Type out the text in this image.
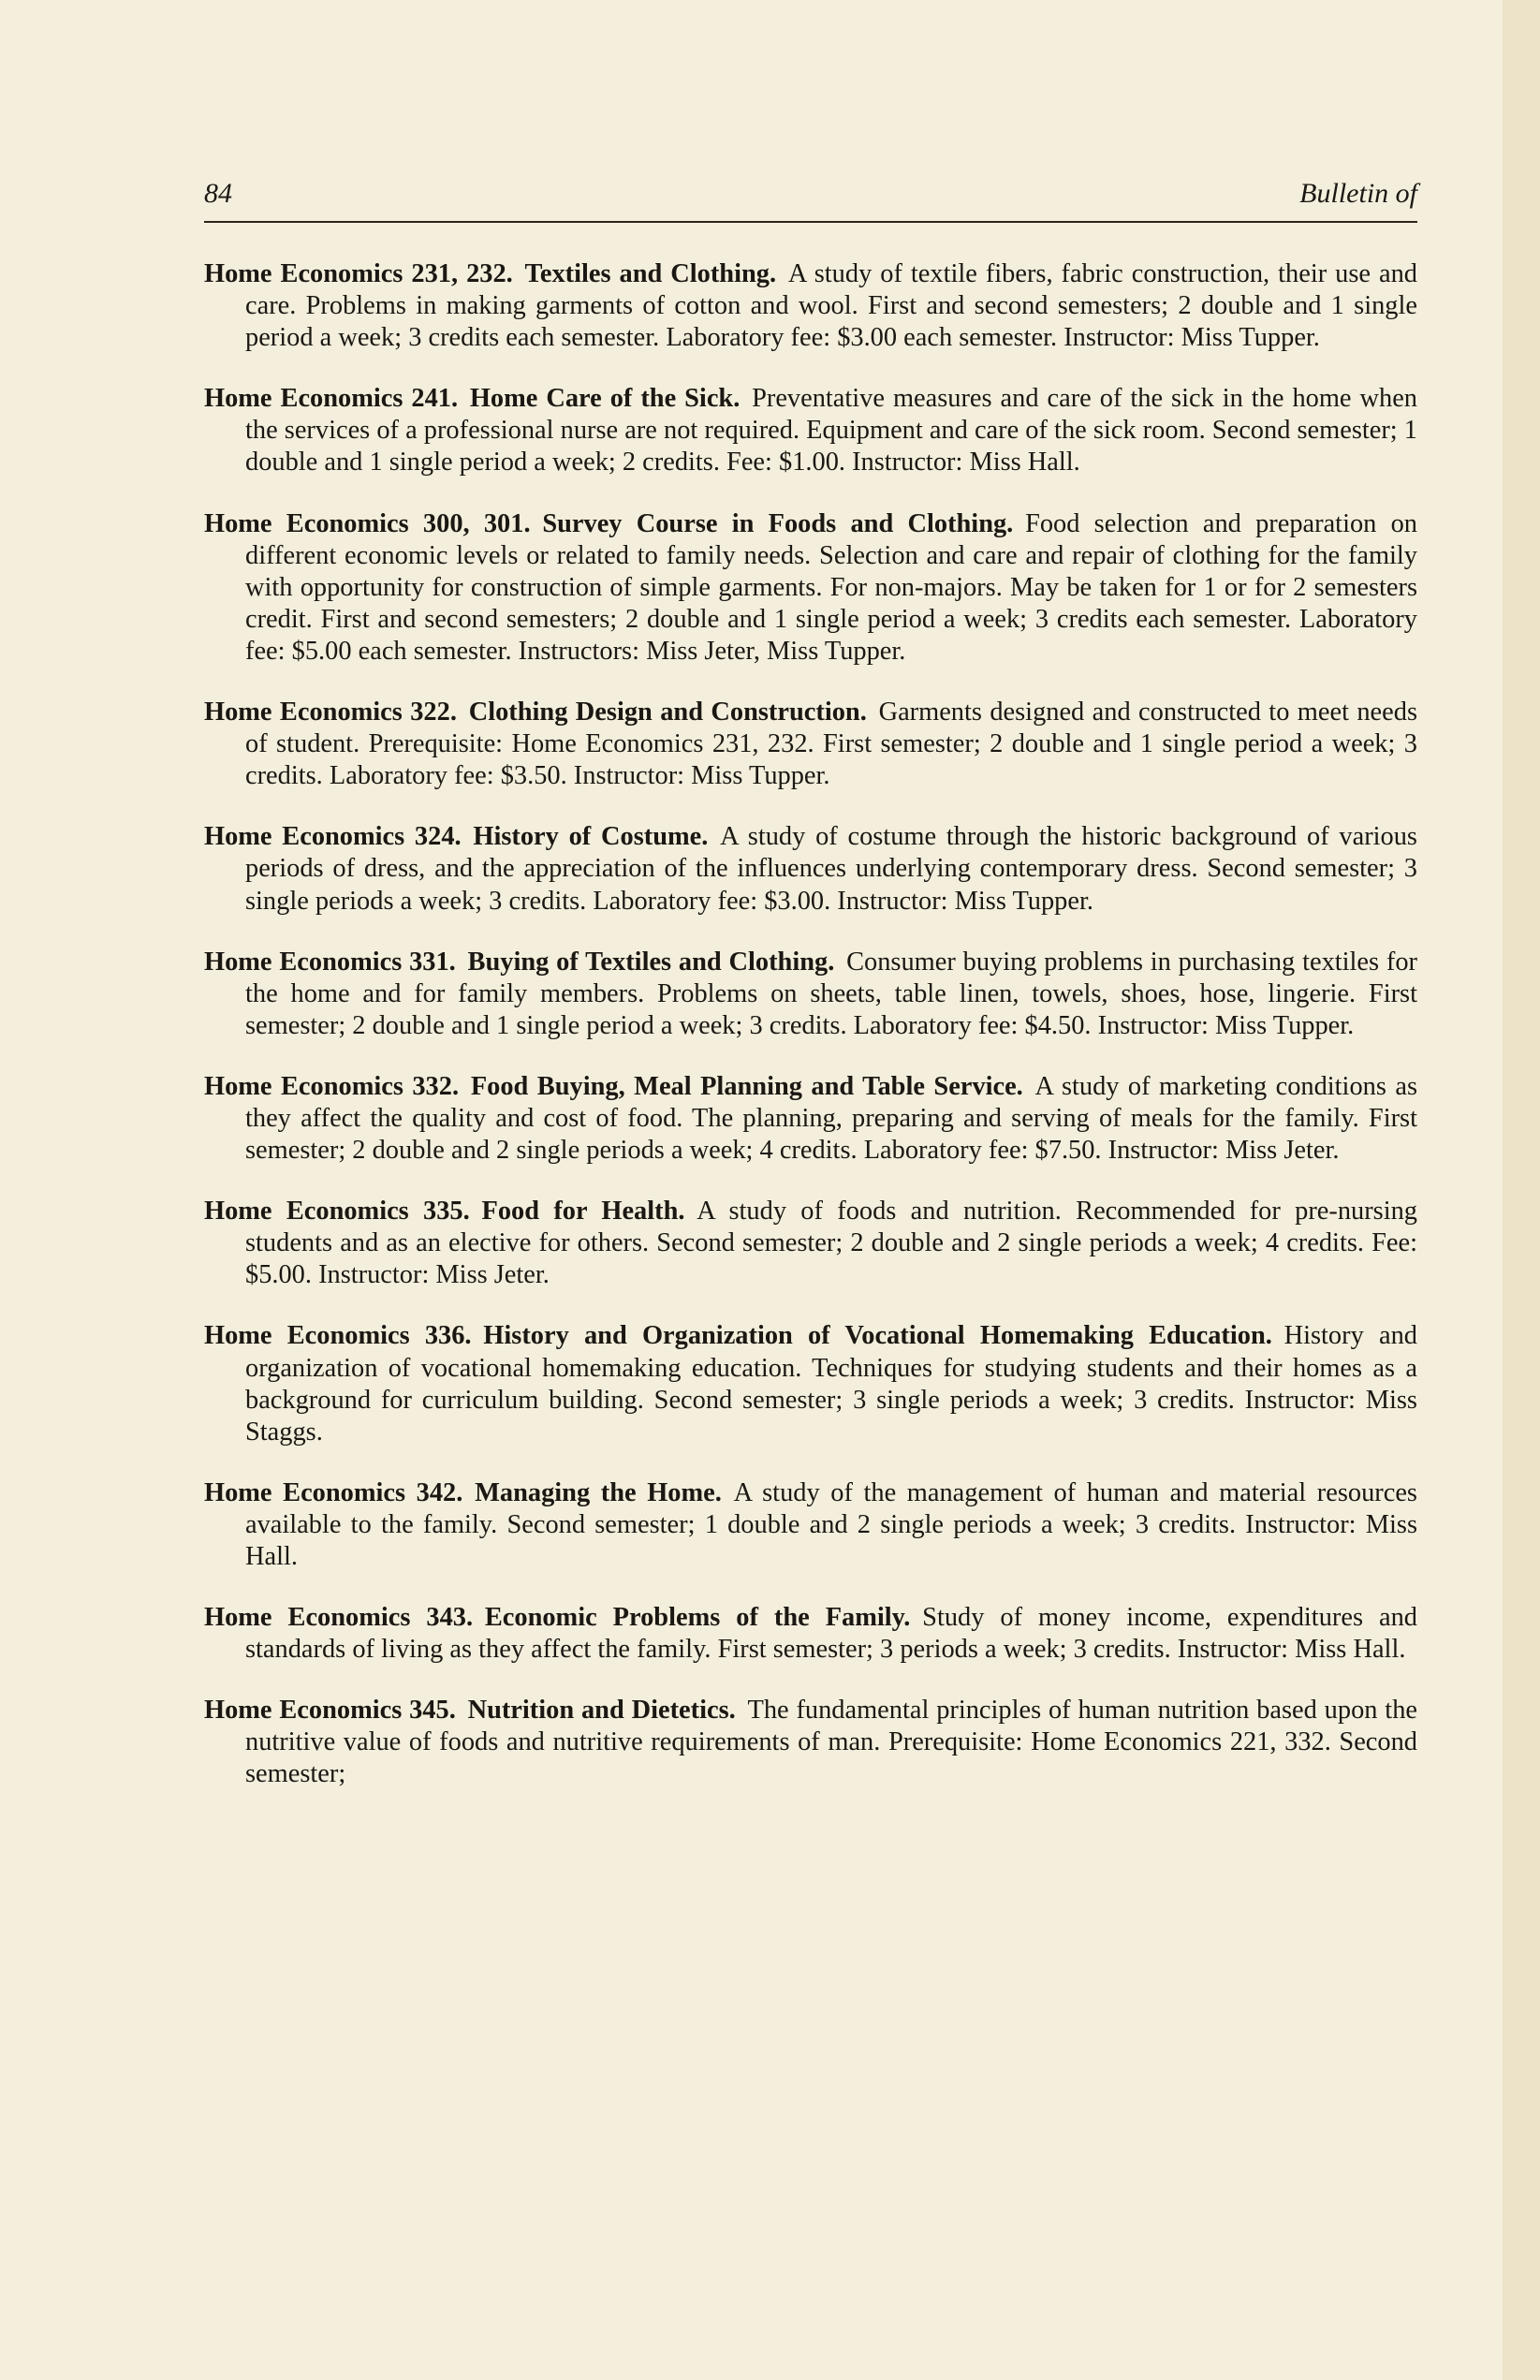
84	Bulletin of

Home Economics 231, 232. Textiles and Clothing. A study of textile fibers, fabric construction, their use and care. Problems in making garments of cotton and wool. First and second semesters; 2 double and 1 single period a week; 3 credits each semester. Laboratory fee: $3.00 each semester. Instructor: Miss Tupper.

Home Economics 241. Home Care of the Sick. Preventative measures and care of the sick in the home when the services of a professional nurse are not required. Equipment and care of the sick room. Second semester; 1 double and 1 single period a week; 2 credits. Fee: $1.00. Instructor: Miss Hall.

Home Economics 300, 301. Survey Course in Foods and Clothing. Food selection and preparation on different economic levels or related to family needs. Selection and care and repair of clothing for the family with opportunity for construction of simple garments. For non-majors. May be taken for 1 or for 2 semesters credit. First and second semesters; 2 double and 1 single period a week; 3 credits each semester. Laboratory fee: $5.00 each semester. Instructors: Miss Jeter, Miss Tupper.

Home Economics 322. Clothing Design and Construction. Garments designed and constructed to meet needs of student. Prerequisite: Home Economics 231, 232. First semester; 2 double and 1 single period a week; 3 credits. Laboratory fee: $3.50. Instructor: Miss Tupper.

Home Economics 324. History of Costume. A study of costume through the historic background of various periods of dress, and the appreciation of the influences underlying contemporary dress. Second semester; 3 single periods a week; 3 credits. Laboratory fee: $3.00. Instructor: Miss Tupper.

Home Economics 331. Buying of Textiles and Clothing. Consumer buying problems in purchasing textiles for the home and for family members. Problems on sheets, table linen, towels, shoes, hose, lingerie. First semester; 2 double and 1 single period a week; 3 credits. Laboratory fee: $4.50. Instructor: Miss Tupper.

Home Economics 332. Food Buying, Meal Planning and Table Service. A study of marketing conditions as they affect the quality and cost of food. The planning, preparing and serving of meals for the family. First semester; 2 double and 2 single periods a week; 4 credits. Laboratory fee: $7.50. Instructor: Miss Jeter.

Home Economics 335. Food for Health. A study of foods and nutrition. Recommended for pre-nursing students and as an elective for others. Second semester; 2 double and 2 single periods a week; 4 credits. Fee: $5.00. Instructor: Miss Jeter.

Home Economics 336. History and Organization of Vocational Homemaking Education. History and organization of vocational homemaking education. Techniques for studying students and their homes as a background for curriculum building. Second semester; 3 single periods a week; 3 credits. Instructor: Miss Staggs.

Home Economics 342. Managing the Home. A study of the management of human and material resources available to the family. Second semester; 1 double and 2 single periods a week; 3 credits. Instructor: Miss Hall.

Home Economics 343. Economic Problems of the Family. Study of money income, expenditures and standards of living as they affect the family. First semester; 3 periods a week; 3 credits. Instructor: Miss Hall.

Home Economics 345. Nutrition and Dietetics. The fundamental principles of human nutrition based upon the nutritive value of foods and nutritive requirements of man. Prerequisite: Home Economics 221, 332. Second semester;
